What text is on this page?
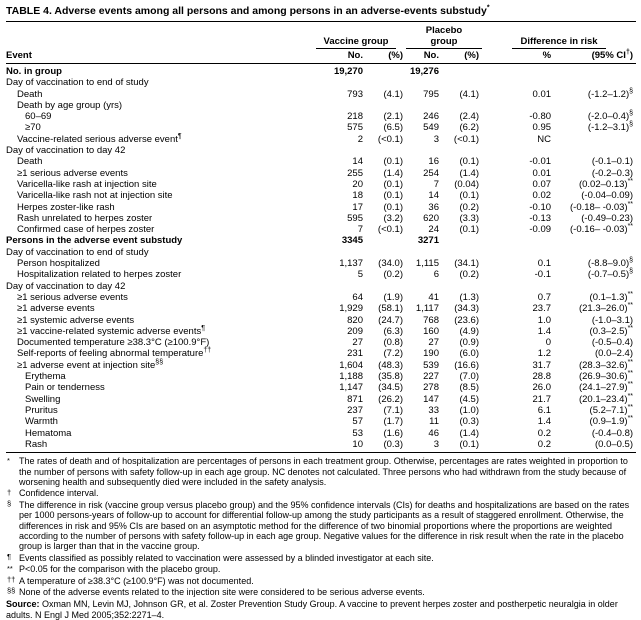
TABLE 4. Adverse events among all persons and among persons in an adverse-events substudy*
Event	Vaccine group		Placebo group		Difference in risk	
	No.	(%)	No.	(%)	%	(95% CI†)
No. in group	19,270		19,276			
Day of vaccination to end of study						
Death	793	(4.1)	795	(4.1)	0.01	(-1.2–1.2)§
Death by age group (yrs)						
60–69	218	(2.1)	246	(2.4)	-0.80	(-2.0–0.4)§
≥70	575	(6.5)	549	(6.2)	0.95	(-1.2–3.1)§
Vaccine-related serious adverse event¶	2	(<0.1)	3	(<0.1)	NC	
Day of vaccination to day 42						
Death	14	(0.1)	16	(0.1)	-0.01	(-0.1–0.1)
≥1 serious adverse events	255	(1.4)	254	(1.4)	0.01	(-0.2–0.3)
Varicella-like rash at injection site	20	(0.1)	7	(0.04)	0.07	(0.02–0.13)**
Varicella-like rash not at injection site	18	(0.1)	14	(0.1)	0.02	(-0.04–0.09)
Herpes zoster-like rash	17	(0.1)	36	(0.2)	-0.10	(-0.18– -0.03)**
Rash unrelated to herpes zoster	595	(3.2)	620	(3.3)	-0.13	(-0.49–0.23)
Confirmed case of herpes zoster	7	(<0.1)	24	(0.1)	-0.09	(-0.16– -0.03)**
Persons in the adverse event substudy	3345		3271			
Day of vaccination to end of study						
Person hospitalized	1,137	(34.0)	1,115	(34.1)	0.1	(-8.8–9.0)§
Hospitalization related to herpes zoster	5	(0.2)	6	(0.2)	-0.1	(-0.7–0.5)§
Day of vaccination to day 42						
≥1 serious adverse events	64	(1.9)	41	(1.3)	0.7	(0.1–1.3)**
≥1 adverse events	1,929	(58.1)	1,117	(34.3)	23.7	(21.3–26.0)**
≥1 systemic adverse events	820	(24.7)	768	(23.6)	1.0	(-1.0–3.1)
≥1 vaccine-related systemic adverse events¶	209	(6.3)	160	(4.9)	1.4	(0.3–2.5)**
Documented temperature ≥38.3°C (≥100.9°F)	27	(0.8)	27	(0.9)	0	(-0.5–0.4)
Self-reports of feeling abnormal temperature††	231	(7.2)	190	(6.0)	1.2	(0.0–2.4)
≥1 adverse event at injection site§§	1,604	(48.3)	539	(16.6)	31.7	(28.3–32.6)**
Erythema	1,188	(35.8)	227	(7.0)	28.8	(26.9–30.6)**
Pain or tenderness	1,147	(34.5)	278	(8.5)	26.0	(24.1–27.9)**
Swelling	871	(26.2)	147	(4.5)	21.7	(20.1–23.4)**
Pruritus	237	(7.1)	33	(1.0)	6.1	(5.2–7.1)**
Warmth	57	(1.7)	11	(0.3)	1.4	(0.9–1.9)**
Hematoma	53	(1.6)	46	(1.4)	0.2	(-0.4–0.8)
Rash	10	(0.3)	3	(0.1)	0.2	(0.0–0.5)
* The rates of death and of hospitalization are percentages of persons in each treatment group. Otherwise, percentages are rates weighted in proportion to the number of persons with safety follow-up in each age group. NC denotes not calculated. Three persons who had withdrawn from the study because of worsening health and subsequently died were included in the safety analysis.
† Confidence interval.
§ The difference in risk (vaccine group versus placebo group) and the 95% confidence intervals (CIs) for deaths and hospitalizations are based on the rates per 1000 persons-years of follow-up to account for differential follow-up among the study participants as a result of staggered enrollment. Otherwise, the differences in risk and 95% CIs are based on an asymptotic method for the difference of two binomial proportions where the proportions are weighted according to the number of persons with safety follow-up in each age group. Negative values for the difference in risk result when the rate in the placebo group is larger than that in the vaccine group.
¶ Events classified as possibly related to vaccination were assessed by a blinded investigator at each site.
** P<0.05 for the comparison with the placebo group.
†† A temperature of ≥38.3°C (≥100.9°F) was not documented.
§§ None of the adverse events related to the injection site were considered to be serious adverse events.
Source: Oxman MN, Levin MJ, Johnson GR, et al. Zoster Prevention Study Group. A vaccine to prevent herpes zoster and postherpetic neuralgia in older adults. N Engl J Med 2005;352:2271–4.
